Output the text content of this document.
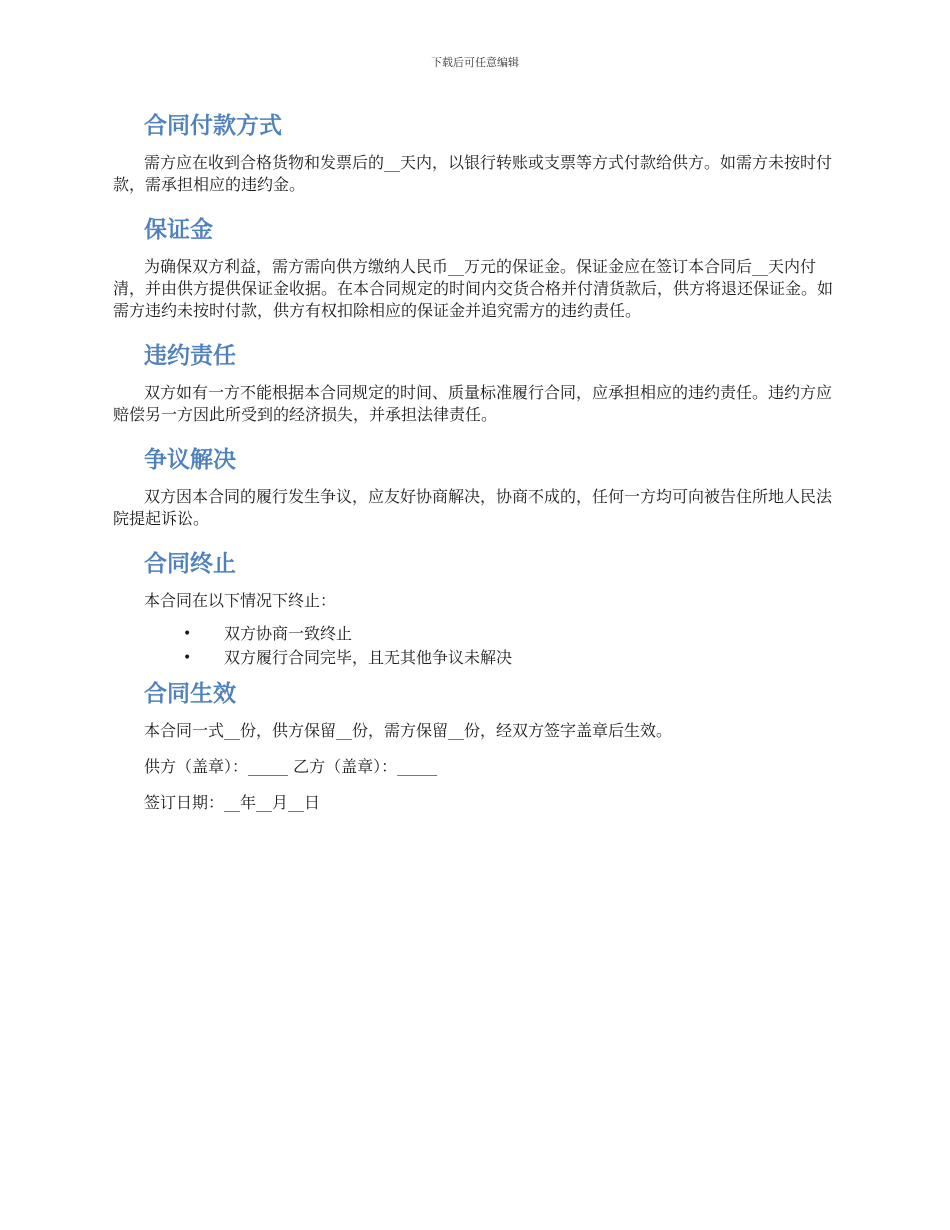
下载后可任意编辑
合同付款方式

需方应在收到合格货物和发票后的__天内，以银行转账或支票等方式付款给供方。如需方未按时付款，需承担相应的违约金。

保证金

为确保双方利益，需方需向供方缴纳人民币__万元的保证金。保证金应在签订本合同后__天内付清，并由供方提供保证金收据。在本合同规定的时间内交货合格并付清货款后，供方将退还保证金。如需方违约未按时付款，供方有权扣除相应的保证金并追究需方的违约责任。

违约责任

双方如有一方不能根据本合同规定的时间、质量标准履行合同，应承担相应的违约责任。违约方应赔偿另一方因此所受到的经济损失，并承担法律责任。

争议解决

双方因本合同的履行发生争议，应友好协商解决，协商不成的，任何一方均可向被告住所地人民法院提起诉讼。

合同终止

本合同在以下情况下终止：

• 双方协商一致终止
• 双方履行合同完毕，且无其他争议未解决
合同生效
本合同一式__份，供方保留__份，需方保留__份，经双方签字盖章后生效。
供方（盖章）：_____ 乙方（盖章）：_____
签订日期：__年__月__日
